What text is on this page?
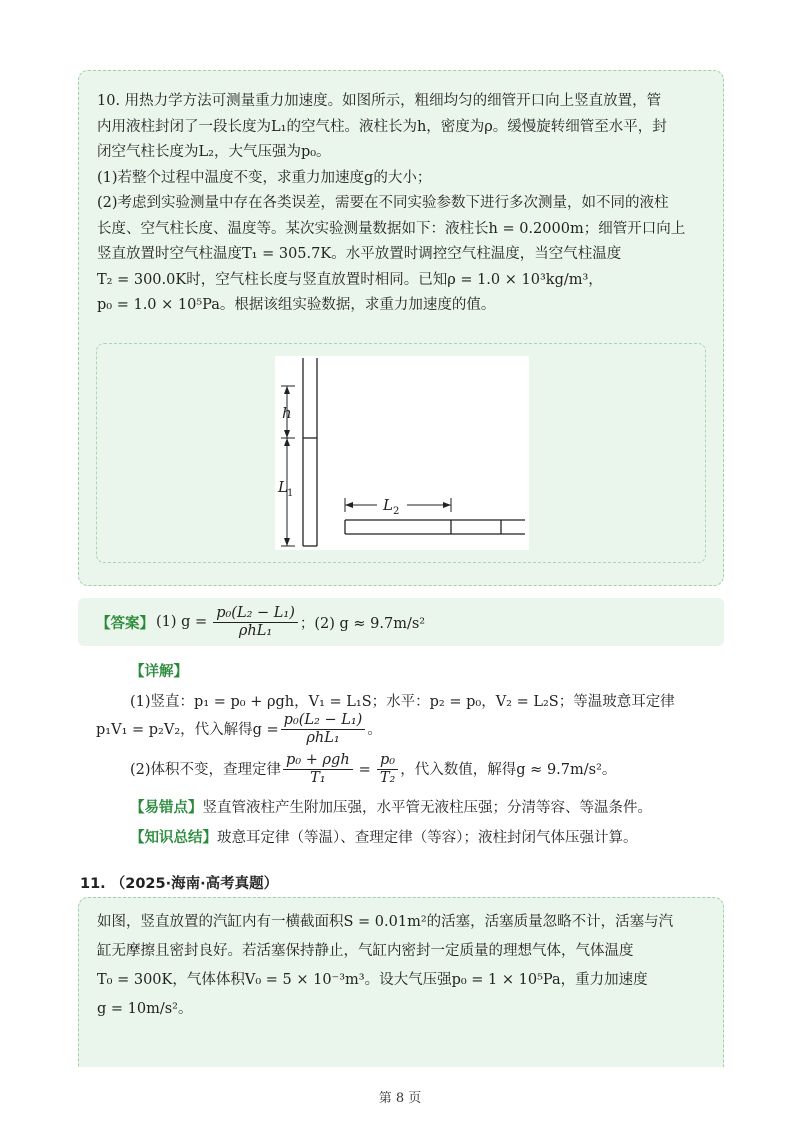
10. 用热力学方法可测量重力加速度。如图所示，粗细均匀的细管开口向上竖直放置，管

内用液柱封闭了一段长度为L₁的空气柱。液柱长为h，密度为ρ。缓慢旋转细管至水平，封

闭空气柱长度为L₂，大气压强为p₀。

(1)若整个过程中温度不变，求重力加速度g的大小；

(2)考虑到实验测量中存在各类误差，需要在不同实验参数下进行多次测量，如不同的液柱

长度、空气柱长度、温度等。某次实验测量数据如下：液柱长h = 0.2000m；细管开口向上

竖直放置时空气柱温度T₁ = 305.7K。水平放置时调控空气柱温度，当空气柱温度

T₂ = 300.0K时，空气柱长度与竖直放置时相同。已知ρ = 1.0 × 10³kg/m³，

p₀ = 1.0 × 10⁵Pa。根据该组实验数据，求重力加速度的值。

h
L 1
L 2
【答案】 (1) $g = \frac{\text{p₀(L₂ − L₁)}}{\text{ρhL₁}}$ ；(2) g ≈ 9.7m/s²
【详解】
(1)竖直：p₁ = p₀ + ρgh，V₁ = L₁S；水平：p₂ = p₀，V₂ = L₂S；等温玻意耳定律
p₁V₁ = p₂V₂，代入解得$g = \frac{\text{p₀(L₂ − L₁)}}{\text{ρhL₁}}$ 。
(2)体积不变，查理定律 $\frac{\text{p₀ + ρgh}}{\text{T₁}} = \frac{\text{p₀}}{\text{T₂}}$ ，代入数值，解得g ≈ 9.7m/s²。
【易错点】竖直管液柱产生附加压强，水平管无液柱压强；分清等容、等温条件。
【知识总结】玻意耳定律（等温）、查理定律（等容）；液柱封闭气体压强计算。
11. （2025·海南·高考真题）

如图，竖直放置的汽缸内有一横截面积S = 0.01m²的活塞，活塞质量忽略不计，活塞与汽

缸无摩擦且密封良好。若活塞保持静止，气缸内密封一定质量的理想气体，气体温度

T₀ = 300K，气体体积V₀ = 5 × 10⁻³m³。设大气压强p₀ = 1 × 10⁵Pa，重力加速度

g = 10m/s²。

第 8 页
